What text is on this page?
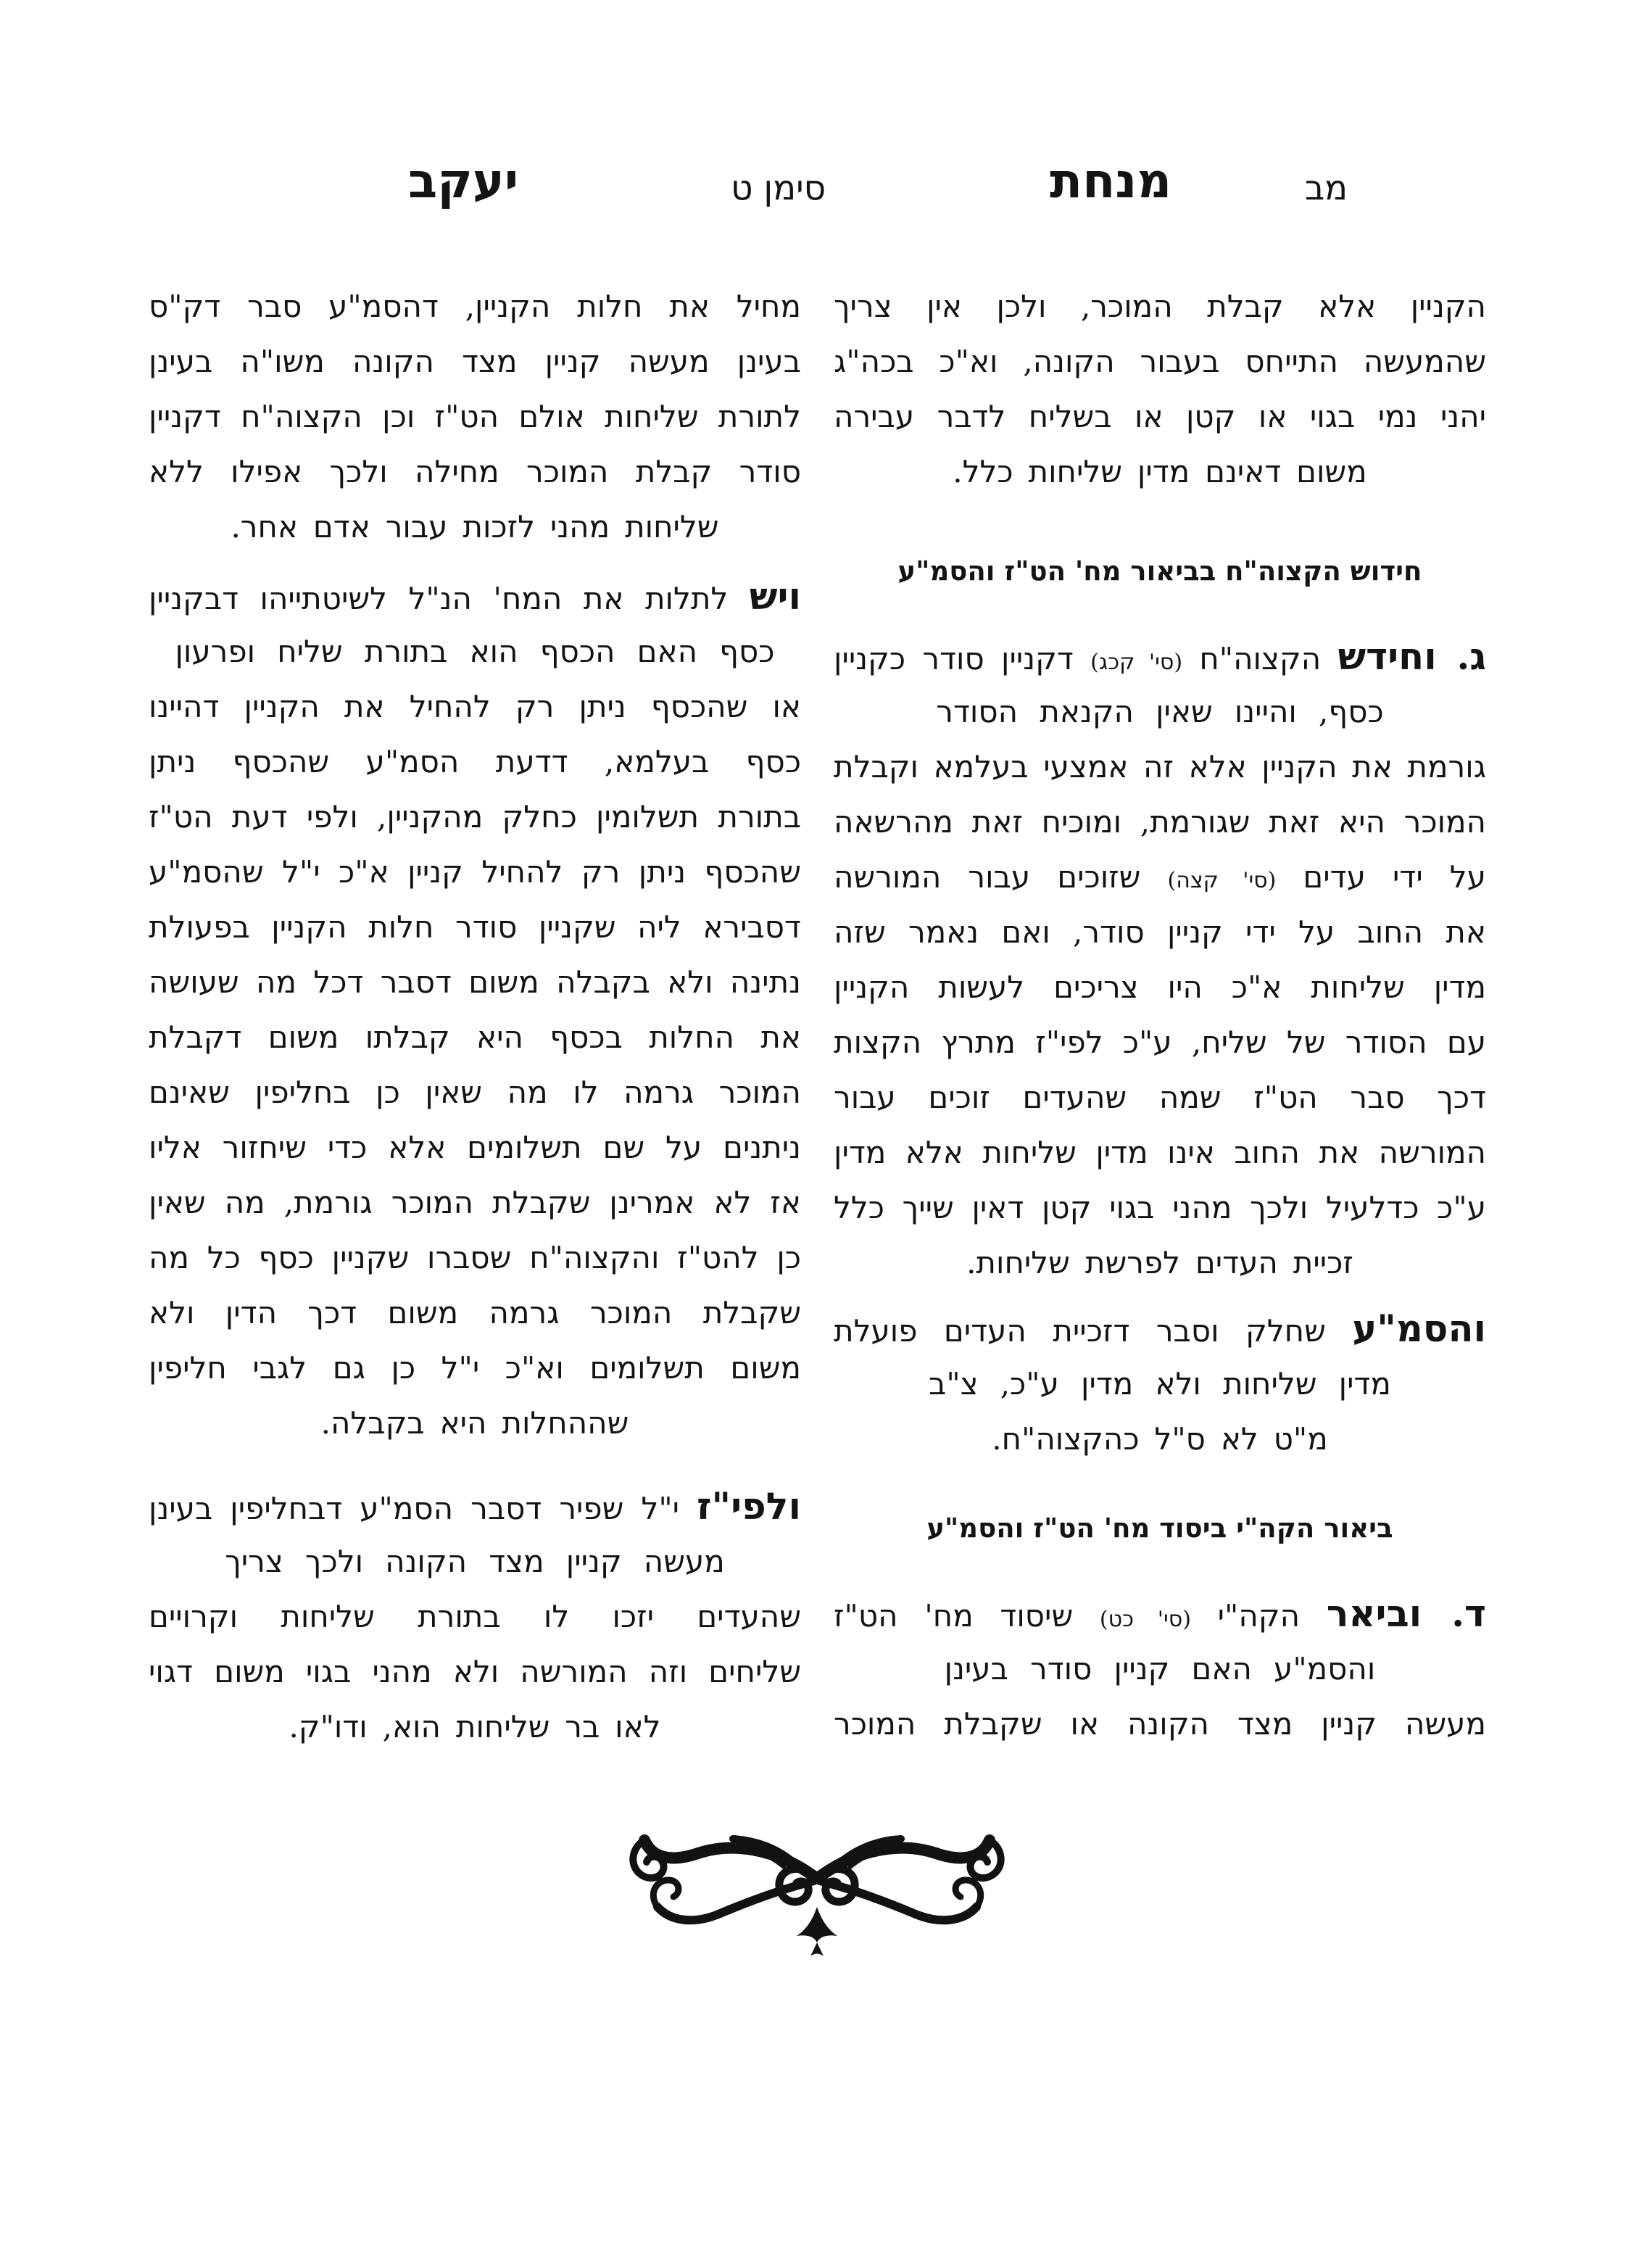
מב
מנחת
סימן ט
יעקב
הקניין אלא קבלת המוכר, ולכן אין צריך
שהמעשה התייחס בעבור הקונה, וא"כ בכה"ג
יהני נמי בגוי או קטן או בשליח לדבר עבירה
משום דאינם מדין שליחות כלל.
חידוש הקצוה"ח בביאור מח' הט"ז והסמ"ע
ג. וחידש הקצוה"ח (סי' קכג) דקניין סודר כקניין
כסף, והיינו שאין הקנאת הסודר
גורמת את הקניין אלא זה אמצעי בעלמא וקבלת
המוכר היא זאת שגורמת, ומוכיח זאת מהרשאה
על ידי עדים (סי' קצה) שזוכים עבור המורשה
את החוב על ידי קניין סודר, ואם נאמר שזה
מדין שליחות א"כ היו צריכים לעשות הקניין
עם הסודר של שליח, ע"כ לפי"ז מתרץ הקצות
דכך סבר הט"ז שמה שהעדים זוכים עבור
המורשה את החוב אינו מדין שליחות אלא מדין
ע"כ כדלעיל ולכך מהני בגוי קטן דאין שייך כלל
זכיית העדים לפרשת שליחות.
והסמ"ע שחלק וסבר דזכיית העדים פועלת
מדין שליחות ולא מדין ע"כ, צ"ב
מ"ט לא ס"ל כהקצוה"ח.
ביאור הקה"י ביסוד מח' הט"ז והסמ"ע
ד. וביאר הקה"י (סי' כט) שיסוד מח' הט"ז
והסמ"ע האם קניין סודר בעינן
מעשה קניין מצד הקונה או שקבלת המוכר
מחיל את חלות הקניין, דהסמ"ע סבר דק"ס
בעינן מעשה קניין מצד הקונה משו"ה בעינן
לתורת שליחות אולם הט"ז וכן הקצוה"ח דקניין
סודר קבלת המוכר מחילה ולכך אפילו ללא
שליחות מהני לזכות עבור אדם אחר.
ויש לתלות את המח' הנ"ל לשיטתייהו דבקניין
כסף האם הכסף הוא בתורת שליח ופרעון
או שהכסף ניתן רק להחיל את הקניין דהיינו
כסף בעלמא, דדעת הסמ"ע שהכסף ניתן
בתורת תשלומין כחלק מהקניין, ולפי דעת הט"ז
שהכסף ניתן רק להחיל קניין א"כ י"ל שהסמ"ע
דסבירא ליה שקניין סודר חלות הקניין בפעולת
נתינה ולא בקבלה משום דסבר דכל מה שעושה
את החלות בכסף היא קבלתו משום דקבלת
המוכר גרמה לו מה שאין כן בחליפין שאינם
ניתנים על שם תשלומים אלא כדי שיחזור אליו
אז לא אמרינן שקבלת המוכר גורמת, מה שאין
כן להט"ז והקצוה"ח שסברו שקניין כסף כל מה
שקבלת המוכר גרמה משום דכך הדין ולא
משום תשלומים וא"כ י"ל כן גם לגבי חליפין
שההחלות היא בקבלה.
ולפי"ז י"ל שפיר דסבר הסמ"ע דבחליפין בעינן
מעשה קניין מצד הקונה ולכך צריך
שהעדים יזכו לו בתורת שליחות וקרויים
שליחים וזה המורשה ולא מהני בגוי משום דגוי
לאו בר שליחות הוא, ודו"ק.
